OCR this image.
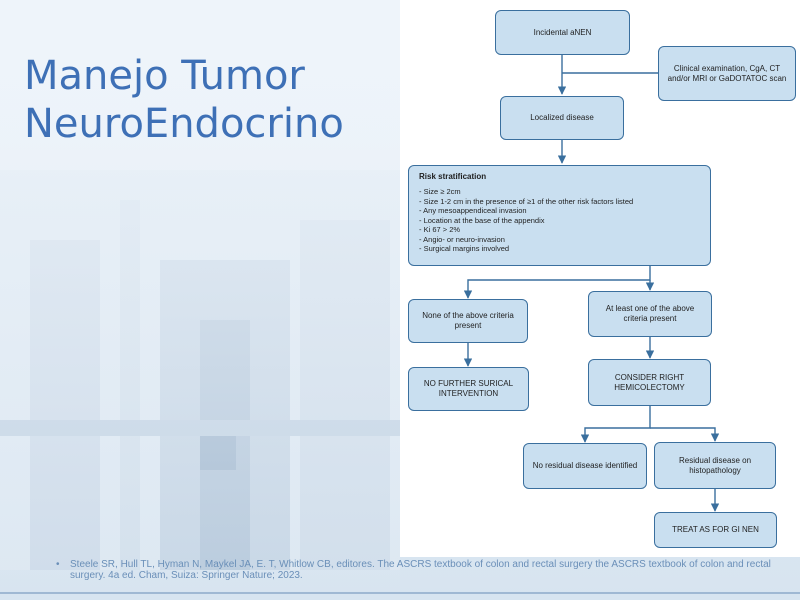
Manejo Tumor
NeuroEndocrino
Incidental aNEN
Clinical examination, CgA, CT and/or MRI or GaDOTATOC scan
Localized disease
Risk stratification
- Size ≥ 2cm
- Size 1-2 cm in the presence of ≥1 of the other risk factors listed
- Any mesoappendiceal invasion
- Location at the base of the appendix
- Ki 67 > 2%
- Angio- or neuro-invasion
- Surgical margins involved
None of the above criteria present
At least one of the above criteria present
NO FURTHER SURICAL INTERVENTION
CONSIDER RIGHT HEMICOLECTOMY
No residual disease identified
Residual disease on histopathology
TREAT AS FOR GI NEN

•	Steele SR, Hull TL, Hyman N, Maykel JA, E. T, Whitlow CB, editores. The ASCRS textbook of colon and rectal surgery the ASCRS textbook of colon and rectal surgery. 4a ed. Cham, Suiza: Springer Nature; 2023.
